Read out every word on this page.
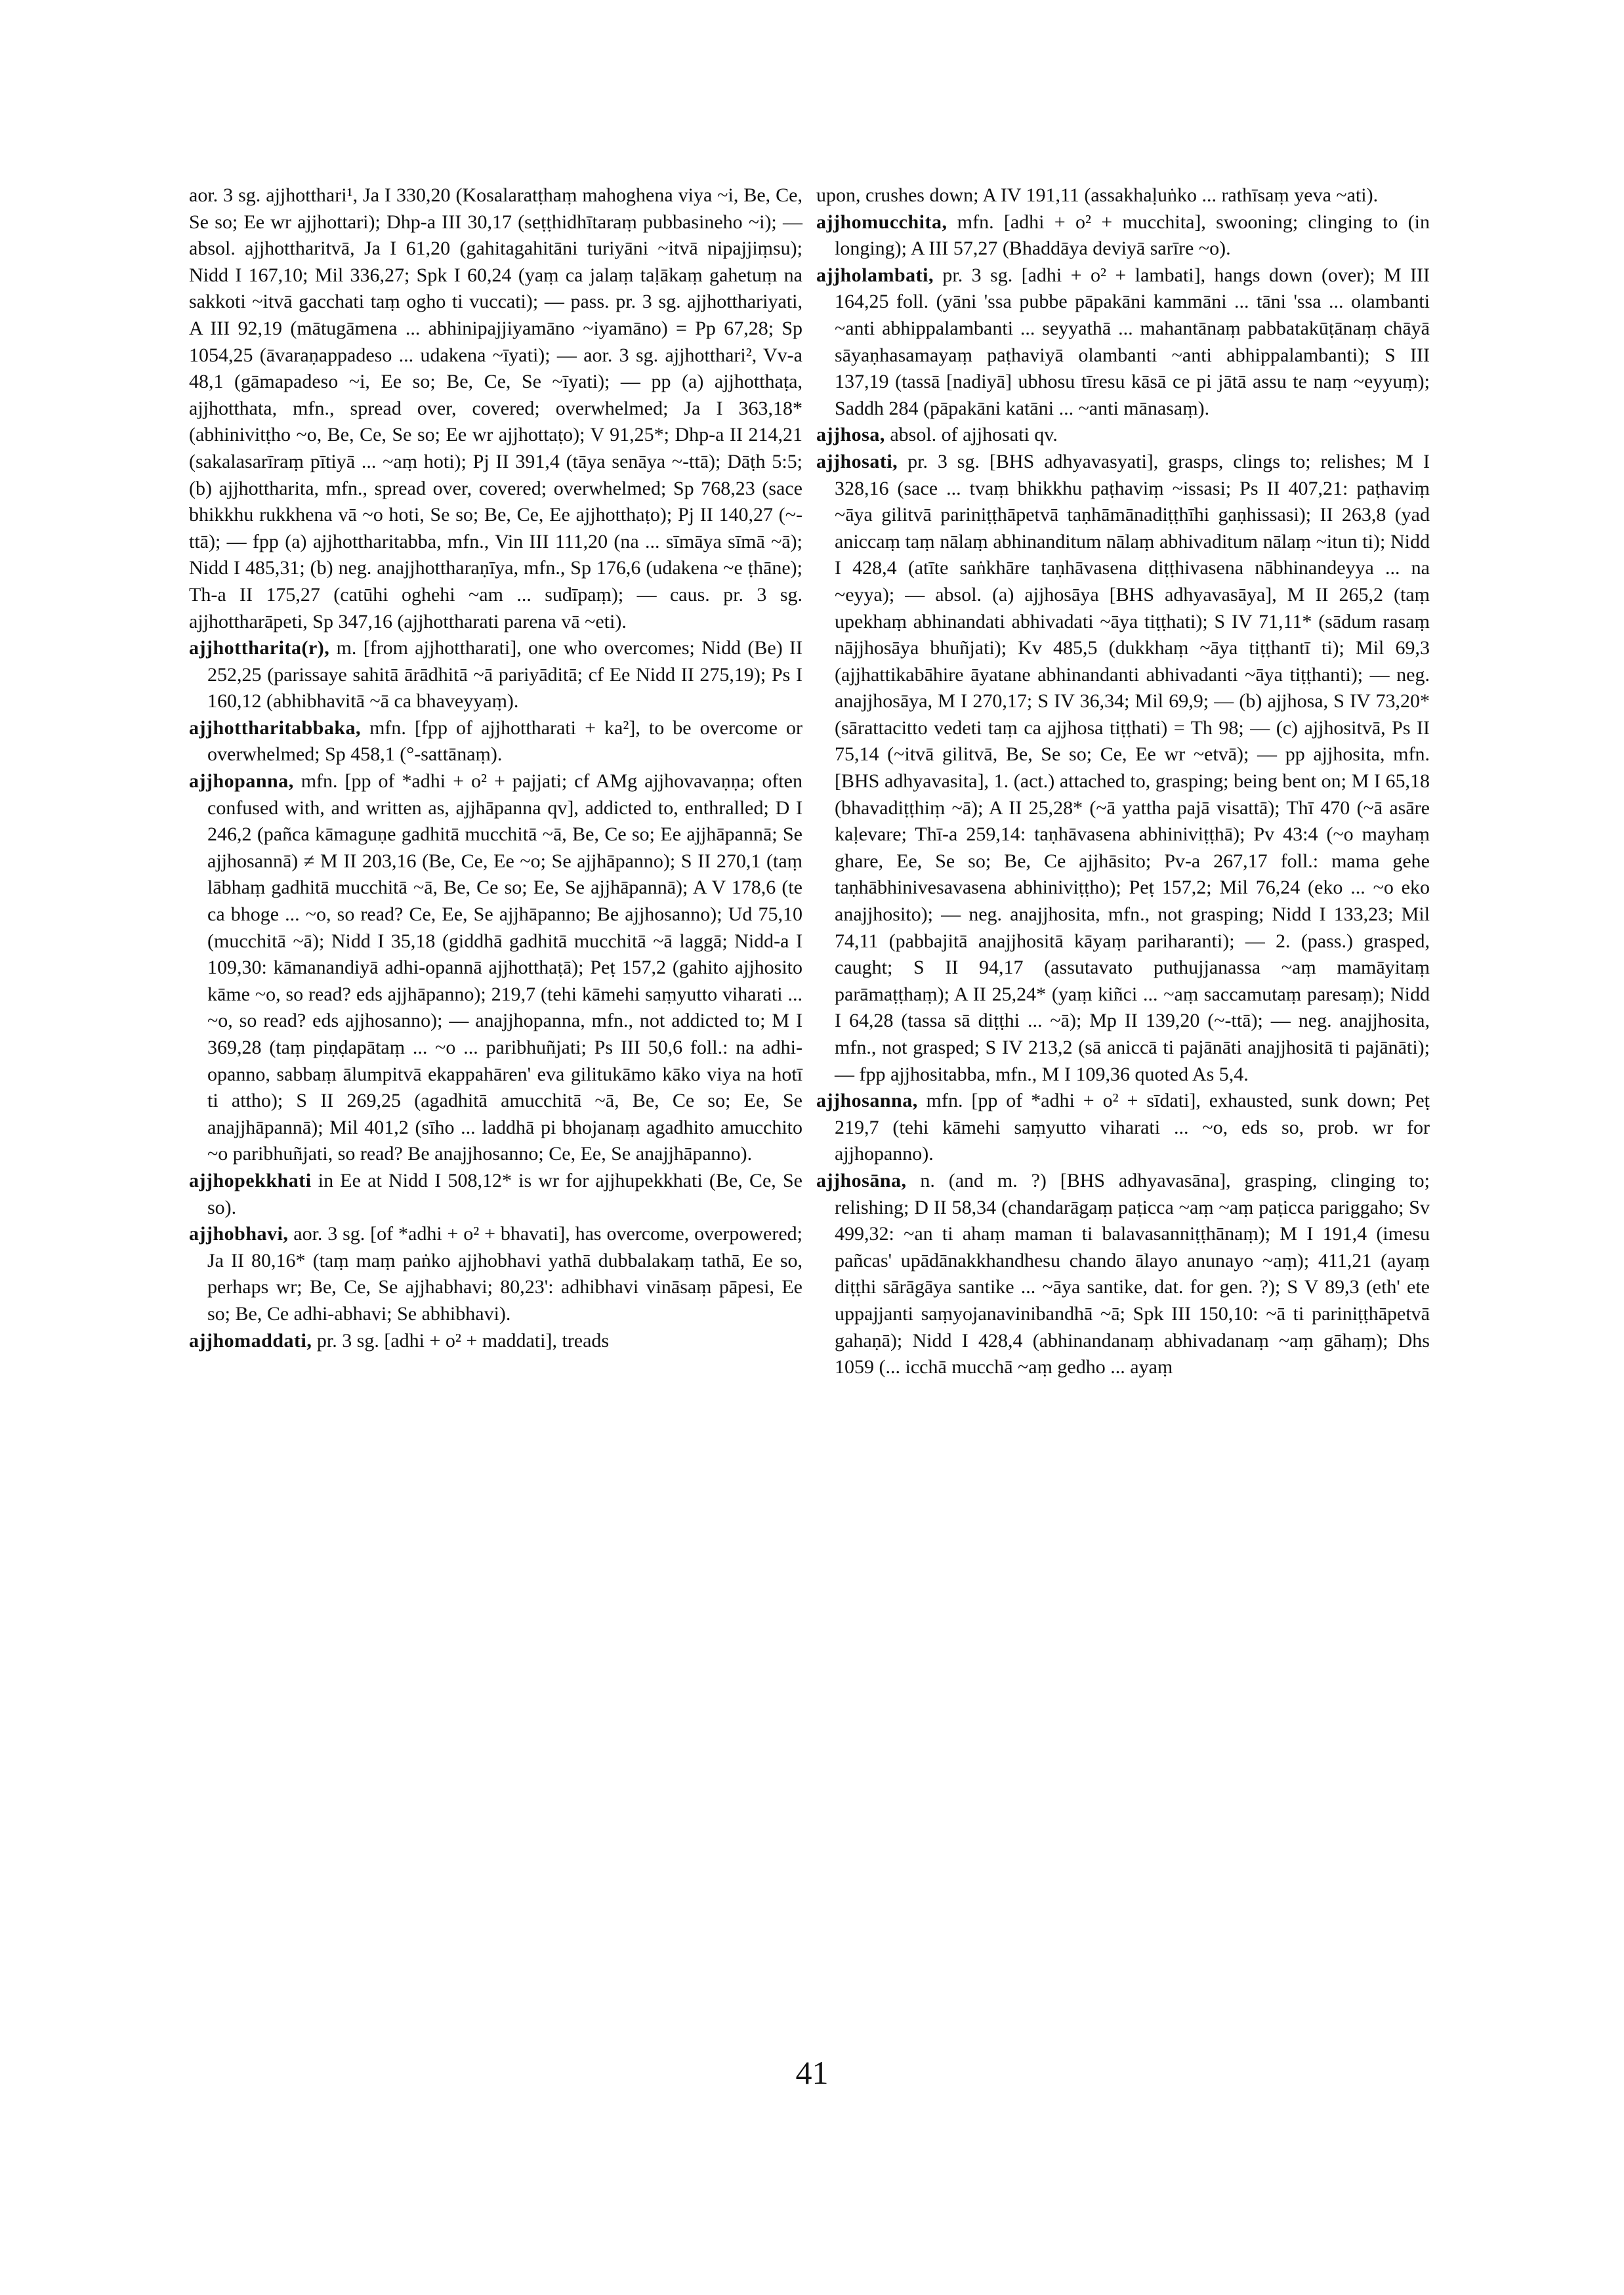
aor. 3 sg. ajjhotthari¹, Ja I 330,20 (Kosalaratṭhaṃ mahoghena viya ~i, Be, Ce, Se so; Ee wr ajjhottari); Dhp-a III 30,17 (seṭṭhidhītaraṃ pubbasineho ~i); — absol. ajjhottharitvā, Ja I 61,20 (gahitagahitāni turiyāni ~itvā nipajjiṃsu); Nidd I 167,10; Mil 336,27; Spk I 60,24 (yaṃ ca jalaṃ taḷākaṃ gahetuṃ na sakkoti ~itvā gacchati taṃ ogho ti vuccati); — pass. pr. 3 sg. ajjhotthariyati, A III 92,19 (mātugāmena ... abhinipajjiyamāno ~iyamāno) = Pp 67,28; Sp 1054,25 (āvaraṇappadeso ... udakena ~īyati); — aor. 3 sg. ajjhotthari², Vv-a 48,1 (gāmapadeso ~i, Ee so; Be, Ce, Se ~īyati); — pp (a) ajjhotthaṭa, ajjhotthata, mfn., spread over, covered; overwhelmed; Ja I 363,18* (abhinivitṭho ~o, Be, Ce, Se so; Ee wr ajjhottaṭo); V 91,25*; Dhp-a II 214,21 (sakalasarīraṃ pītiyā ... ~aṃ hoti); Pj II 391,4 (tāya senāya ~-ttā); Dāṭh 5:5; (b) ajjhottharita, mfn., spread over, covered; overwhelmed; Sp 768,23 (sace bhikkhu rukkhena vā ~o hoti, Se so; Be, Ce, Ee ajjhotthaṭo); Pj II 140,27 (~-ttā); — fpp (a) ajjhottharitabba, mfn., Vin III 111,20 (na ... sīmāya sīmā ~ā); Nidd I 485,31; (b) neg. anajjhottharaṇīya, mfn., Sp 176,6 (udakena ~e ṭhāne); Th-a II 175,27 (catūhi oghehi ~am ... sudīpaṃ); — caus. pr. 3 sg. ajjhottharāpeti, Sp 347,16 (ajjhottharati parena vā ~eti).

ajjhottharita(r), m. [from ajjhottharati], one who overcomes; Nidd (Be) II 252,25 (parissaye sahitā ārādhitā ~ā pariyāditā; cf Ee Nidd II 275,19); Ps I 160,12 (abhibhavitā ~ā ca bhaveyyaṃ).

ajjhottharitabbaka, mfn. [fpp of ajjhottharati + ka²], to be overcome or overwhelmed; Sp 458,1 (°-sattānaṃ).

ajjhopanna, mfn. [pp of *adhi + o² + pajjati; cf AMg ajjhovavaṇṇa; often confused with, and written as, ajjhāpanna qv], addicted to, enthralled; D I 246,2 (pañca kāmaguṇe gadhitā mucchitā ~ā, Be, Ce so; Ee ajjhāpannā; Se ajjhosannā) ≠ M II 203,16 (Be, Ce, Ee ~o; Se ajjhāpanno); S II 270,1 (taṃ lābhaṃ gadhitā mucchitā ~ā, Be, Ce so; Ee, Se ajjhāpannā); A V 178,6 (te ca bhoge ... ~o, so read? Ce, Ee, Se ajjhāpanno; Be ajjhosanno); Ud 75,10 (mucchitā ~ā); Nidd I 35,18 (giddhā gadhitā mucchitā ~ā laggā; Nidd-a I 109,30: kāmanandiyā adhi-opannā ajjhotthaṭā); Peṭ 157,2 (gahito ajjhosito kāme ~o, so read? eds ajjhāpanno); 219,7 (tehi kāmehi saṃyutto viharati ... ~o, so read? eds ajjhosanno); — anajjhopanna, mfn., not addicted to; M I 369,28 (taṃ piṇḍapātaṃ ... ~o ... paribhuñjati; Ps III 50,6 foll.: na adhi-opanno, sabbaṃ ālumpitvā ekappahāren' eva gilitukāmo kāko viya na hotī ti attho); S II 269,25 (agadhitā amucchitā ~ā, Be, Ce so; Ee, Se anajjhāpannā); Mil 401,2 (sīho ... laddhā pi bhojanaṃ agadhito amucchito ~o paribhuñjati, so read? Be anajjhosanno; Ce, Ee, Se anajjhāpanno).

ajjhopekkhati in Ee at Nidd I 508,12* is wr for ajjhupekkhati (Be, Ce, Se so).

ajjhobhavi, aor. 3 sg. [of *adhi + o² + bhavati], has overcome, overpowered; Ja II 80,16* (taṃ maṃ paṅko ajjhobhavi yathā dubbalakaṃ tathā, Ee so, perhaps wr; Be, Ce, Se ajjhabhavi; 80,23': adhibhavi vināsaṃ pāpesi, Ee so; Be, Ce adhi-abhavi; Se abhibhavi).

ajjhomaddati, pr. 3 sg. [adhi + o² + maddati], treads

upon, crushes down; A IV 191,11 (assakhaḷuṅko ... rathīsaṃ yeva ~ati).

ajjhomucchita, mfn. [adhi + o² + mucchita], swooning; clinging to (in longing); A III 57,27 (Bhaddāya deviyā sarīre ~o).

ajjholambati, pr. 3 sg. [adhi + o² + lambati], hangs down (over); M III 164,25 foll. (yāni 'ssa pubbe pāpakāni kammāni ... tāni 'ssa ... olambanti ~anti abhippalambanti ... seyyathā ... mahantānaṃ pabbatakūṭānaṃ chāyā sāyaṇhasamayaṃ paṭhaviyā olambanti ~anti abhippalambanti); S III 137,19 (tassā [nadiyā] ubhosu tīresu kāsā ce pi jātā assu te naṃ ~eyyuṃ); Saddh 284 (pāpakāni katāni ... ~anti mānasaṃ).

ajjhosa, absol. of ajjhosati qv.

ajjhosati, pr. 3 sg. [BHS adhyavasyati], grasps, clings to; relishes; M I 328,16 (sace ... tvaṃ bhikkhu paṭhaviṃ ~issasi; Ps II 407,21: paṭhaviṃ ~āya gilitvā pariniṭṭhāpetvā taṇhāmānadiṭṭhīhi gaṇhissasi); II 263,8 (yad aniccaṃ taṃ nālaṃ abhinanditum nālaṃ abhivaditum nālaṃ ~itun ti); Nidd I 428,4 (atīte saṅkhāre taṇhāvasena diṭṭhivasena nābhinandeyya ... na ~eyya); — absol. (a) ajjhosāya [BHS adhyavasāya], M II 265,2 (taṃ upekhaṃ abhinandati abhivadati ~āya tiṭṭhati); S IV 71,11* (sādum rasaṃ nājjhosāya bhuñjati); Kv 485,5 (dukkhaṃ ~āya tiṭṭhantī ti); Mil 69,3 (ajjhattikabāhire āyatane abhinandanti abhivadanti ~āya tiṭṭhanti); — neg. anajjhosāya, M I 270,17; S IV 36,34; Mil 69,9; — (b) ajjhosa, S IV 73,20* (sārattacitto vedeti taṃ ca ajjhosa tiṭṭhati) = Th 98; — (c) ajjhositvā, Ps II 75,14 (~itvā gilitvā, Be, Se so; Ce, Ee wr ~etvā); — pp ajjhosita, mfn. [BHS adhyavasita], 1. (act.) attached to, grasping; being bent on; M I 65,18 (bhavadiṭṭhiṃ ~ā); A II 25,28* (~ā yattha pajā visattā); Thī 470 (~ā asāre kaḷevare; Thī-a 259,14: taṇhāvasena abhiniviṭṭhā); Pv 43:4 (~o mayhaṃ ghare, Ee, Se so; Be, Ce ajjhāsito; Pv-a 267,17 foll.: mama gehe taṇhābhinivesavasena abhiniviṭṭho); Peṭ 157,2; Mil 76,24 (eko ... ~o eko anajjhosito); — neg. anajjhosita, mfn., not grasping; Nidd I 133,23; Mil 74,11 (pabbajitā anajjhositā kāyaṃ pariharanti); — 2. (pass.) grasped, caught; S II 94,17 (assutavato puthujjanassa ~aṃ mamāyitaṃ parāmaṭṭhaṃ); A II 25,24* (yaṃ kiñci ... ~aṃ saccamutaṃ paresaṃ); Nidd I 64,28 (tassa sā diṭṭhi ... ~ā); Mp II 139,20 (~-ttā); — neg. anajjhosita, mfn., not grasped; S IV 213,2 (sā aniccā ti pajānāti anajjhositā ti pajānāti); — fpp ajjhositabba, mfn., M I 109,36 quoted As 5,4.

ajjhosanna, mfn. [pp of *adhi + o² + sīdati], exhausted, sunk down; Peṭ 219,7 (tehi kāmehi saṃyutto viharati ... ~o, eds so, prob. wr for ajjhopanno).

ajjhosāna, n. (and m. ?) [BHS adhyavasāna], grasping, clinging to; relishing; D II 58,34 (chandarāgaṃ paṭicca ~aṃ ~aṃ paṭicca pariggaho; Sv 499,32: ~an ti ahaṃ maman ti balavasanniṭṭhānaṃ); M I 191,4 (imesu pañcas' upādānakkhandhesu chando ālayo anunayo ~aṃ); 411,21 (ayaṃ diṭṭhi sārāgāya santike ... ~āya santike, dat. for gen. ?); S V 89,3 (eth' ete uppajjanti saṃyojanavinibandhā ~ā; Spk III 150,10: ~ā ti pariniṭṭhāpetvā gahaṇā); Nidd I 428,4 (abhinandanaṃ abhivadanaṃ ~aṃ gāhaṃ); Dhs 1059 (... icchā mucchā ~aṃ gedho ... ayaṃ

41
